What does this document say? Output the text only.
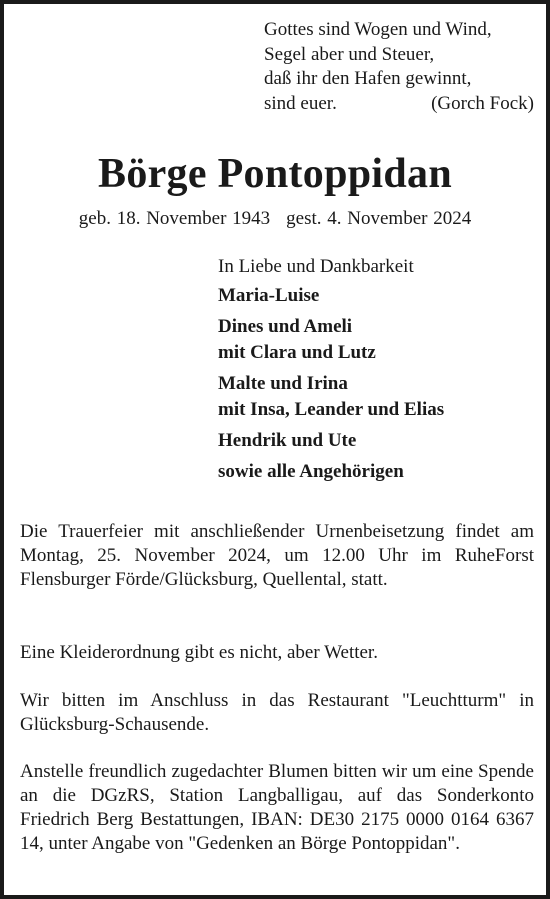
Gottes sind Wogen und Wind,
Segel aber und Steuer,
daß ihr den Hafen gewinnt,
sind euer.	(Gorch Fock)
Börge Pontoppidan
geb. 18. November 1943 gest. 4. November 2024
In Liebe und Dankbarkeit
Maria-Luise
Dines und Ameli
mit Clara und Lutz
Malte und Irina
mit Insa, Leander und Elias
Hendrik und Ute
sowie alle Angehörigen

Die Trauerfeier mit anschließender Urnenbeisetzung findet am Montag, 25. November 2024, um 12.00 Uhr im RuheForst Flensburger Förde/Glücksburg, Quellental, statt.

Eine Kleiderordnung gibt es nicht, aber Wetter.

Wir bitten im Anschluss in das Restaurant "Leuchtturm" in Glücksburg-Schausende.

Anstelle freundlich zugedachter Blumen bitten wir um eine Spende an die DGzRS, Station Langballigau, auf das Sonderkonto Friedrich Berg Bestattungen, IBAN: DE30 2175 0000 0164 6367 14, unter Angabe von "Gedenken an Börge Pontoppidan".
